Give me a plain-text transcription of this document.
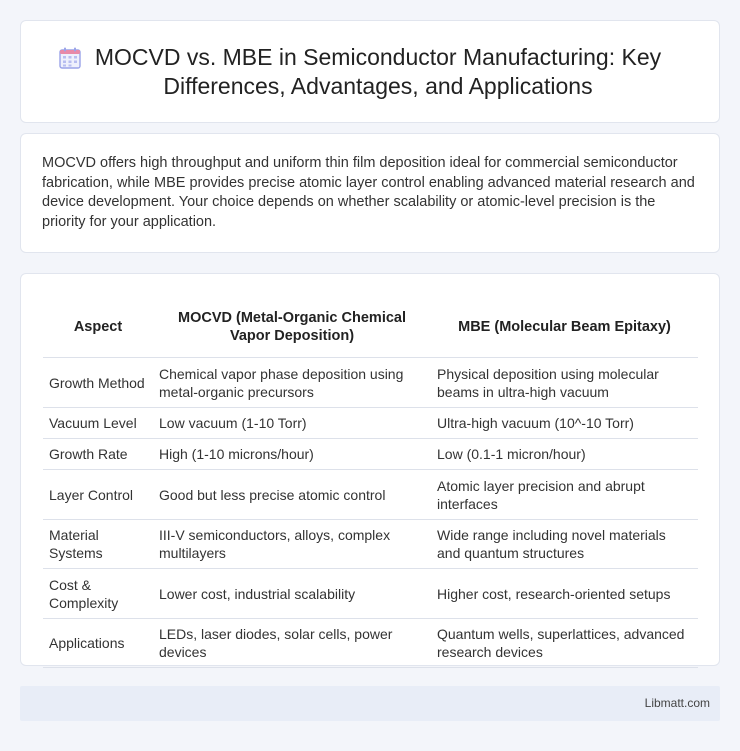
MOCVD vs. MBE in Semiconductor Manufacturing: Key Differences, Advantages, and Applications

MOCVD offers high throughput and uniform thin film deposition ideal for commercial semiconductor fabrication, while MBE provides precise atomic layer control enabling advanced material research and device development. Your choice depends on whether scalability or atomic-level precision is the priority for your application.

Aspect	MOCVD (Metal-Organic Chemical Vapor Deposition)	MBE (Molecular Beam Epitaxy)
Growth Method	Chemical vapor phase deposition using metal-organic precursors	Physical deposition using molecular beams in ultra-high vacuum
Vacuum Level	Low vacuum (1-10 Torr)	Ultra-high vacuum (10^-10 Torr)
Growth Rate	High (1-10 microns/hour)	Low (0.1-1 micron/hour)
Layer Control	Good but less precise atomic control	Atomic layer precision and abrupt interfaces
Material Systems	III-V semiconductors, alloys, complex multilayers	Wide range including novel materials and quantum structures
Cost & Complexity	Lower cost, industrial scalability	Higher cost, research-oriented setups
Applications	LEDs, laser diodes, solar cells, power devices	Quantum wells, superlattices, advanced research devices
Libmatt.com
